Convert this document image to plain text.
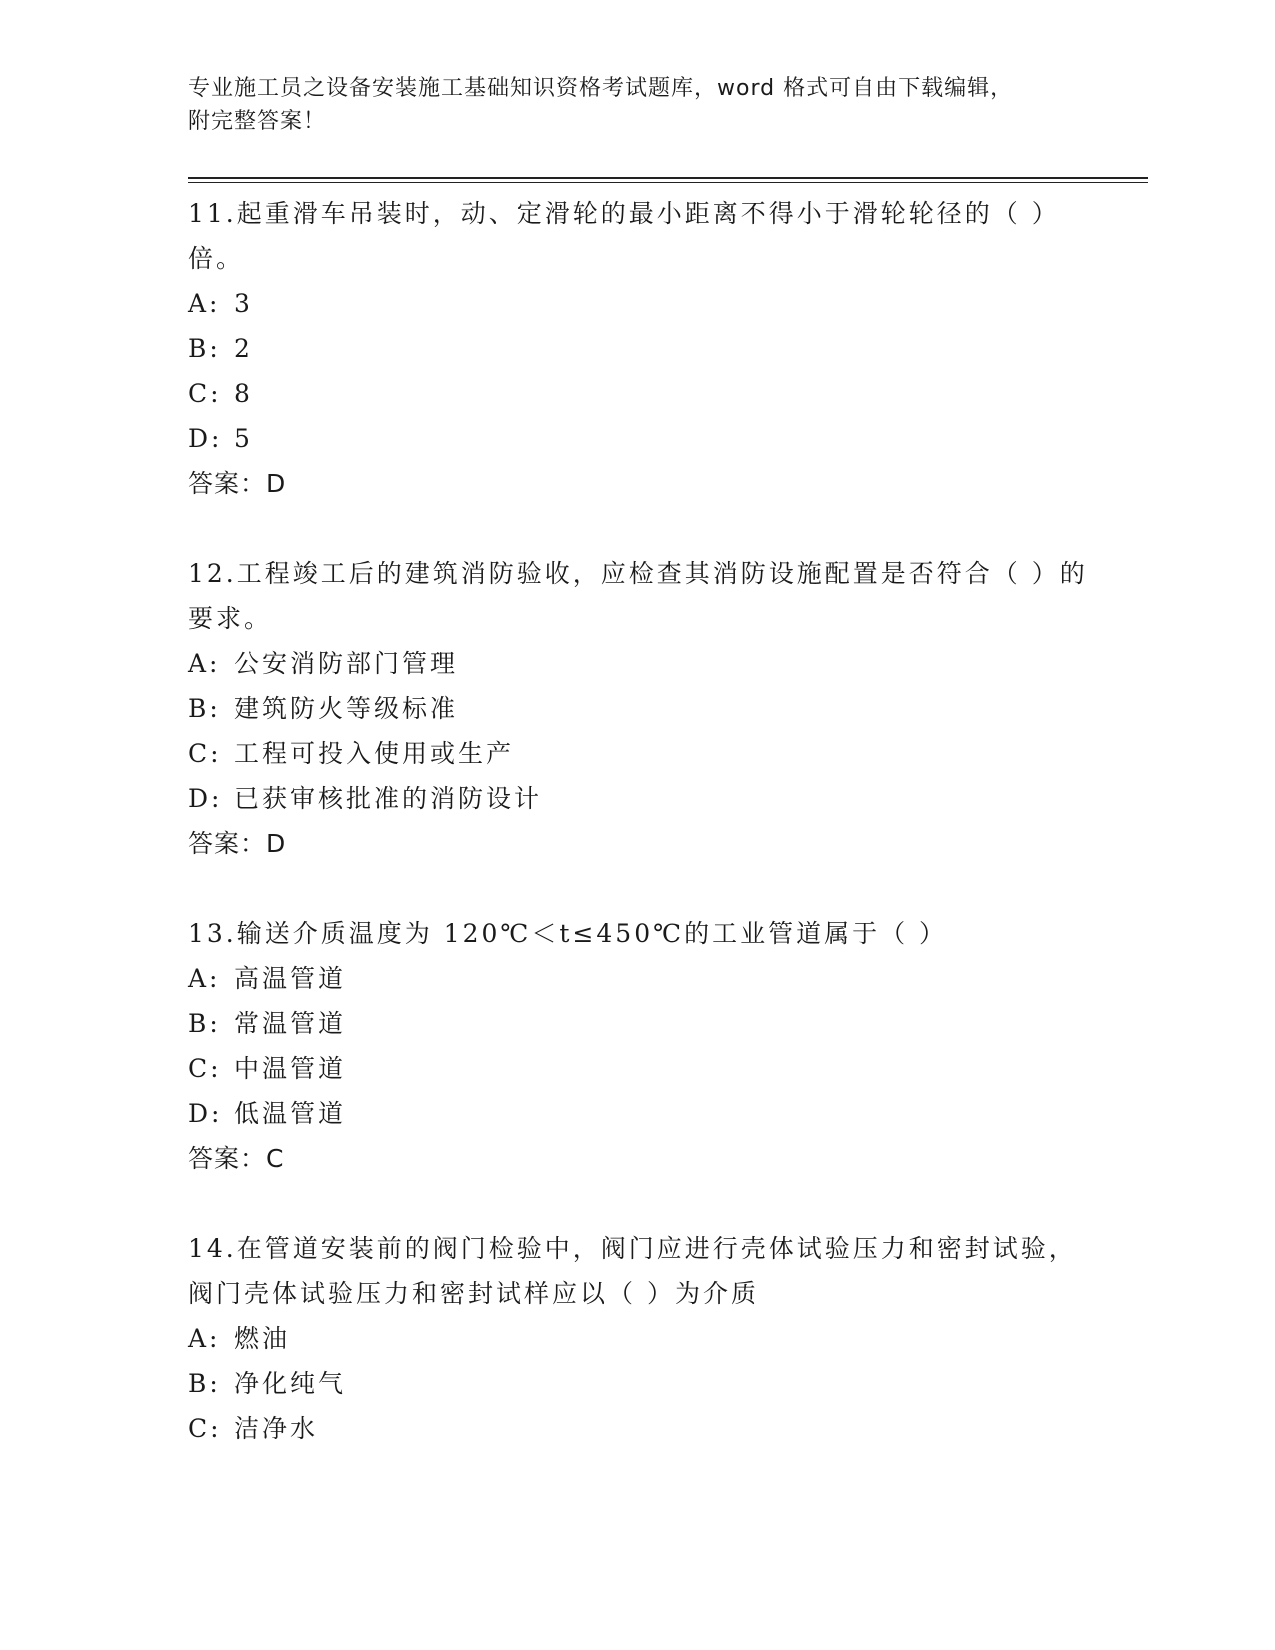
专业施工员之设备安装施工基础知识资格考试题库，word 格式可自由下载编辑，
附完整答案！

11.起重滑车吊装时，动、定滑轮的最小距离不得小于滑轮轮径的（ ）倍。

A: 3

B: 2

C: 8

D: 5

答案：D

12.工程竣工后的建筑消防验收，应检查其消防设施配置是否符合（ ）的要求。

A: 公安消防部门管理

B: 建筑防火等级标准

C: 工程可投入使用或生产

D: 已获审核批准的消防设计

答案：D

13.输送介质温度为 120℃＜t≤450℃的工业管道属于（ ）

A: 高温管道

B: 常温管道

C: 中温管道

D: 低温管道

答案：C

14.在管道安装前的阀门检验中，阀门应进行壳体试验压力和密封试验，阀门壳体试验压力和密封试样应以（ ）为介质

A: 燃油

B: 净化纯气

C: 洁净水
